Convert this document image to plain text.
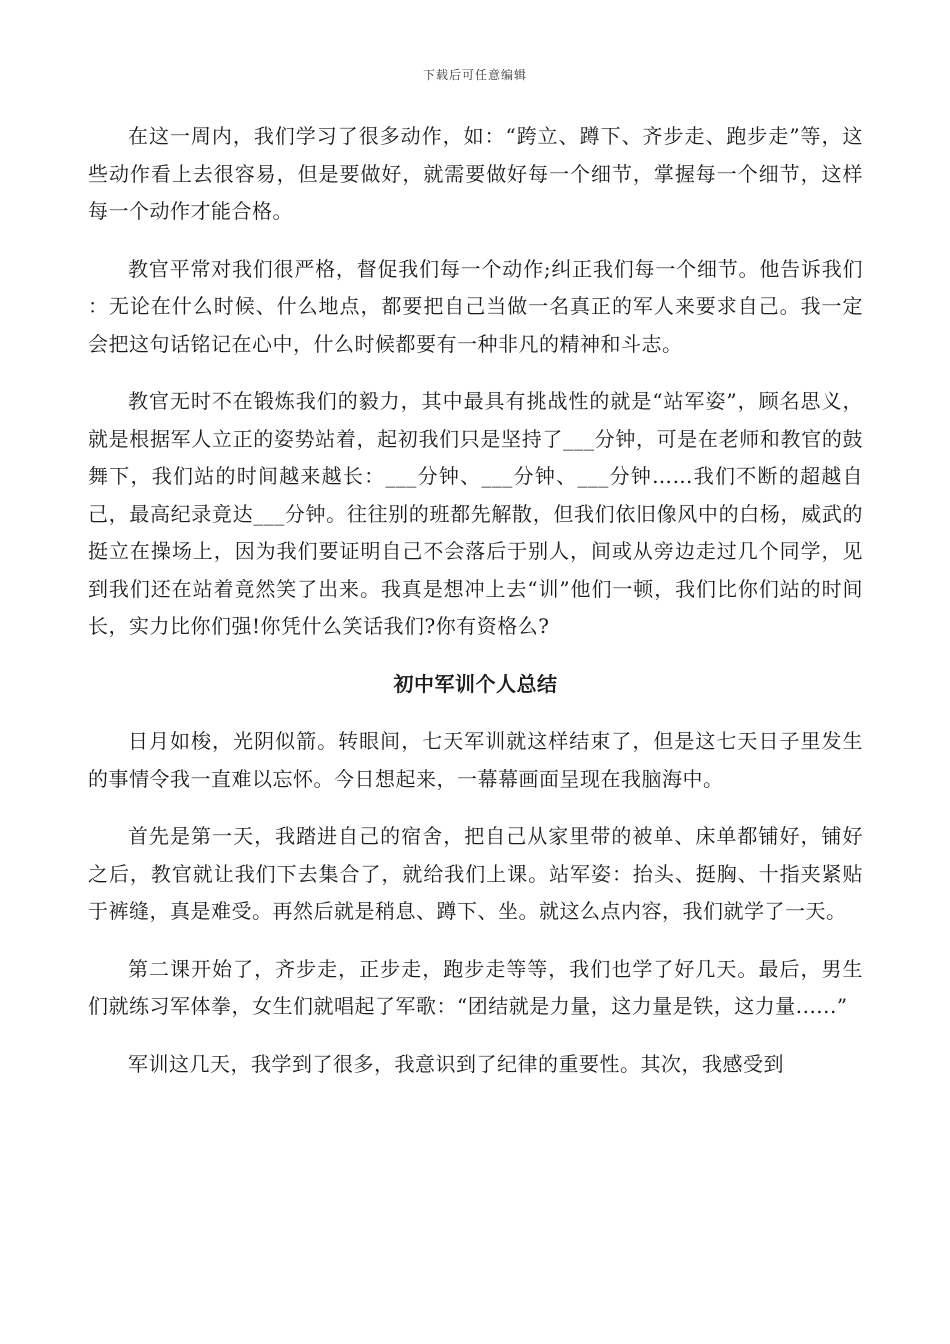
下载后可任意编辑

在这一周内，我们学习了很多动作，如：“跨立、蹲下、齐步走、跑步走”等，这些动作看上去很容易，但是要做好，就需要做好每一个细节，掌握每一个细节，这样每一个动作才能合格。

教官平常对我们很严格，督促我们每一个动作;纠正我们每一个细节。他告诉我们 ：无论在什么时候、什么地点，都要把自己当做一名真正的军人来要求自己。我一定会把这句话铭记在心中，什么时候都要有一种非凡的精神和斗志。

教官无时不在锻炼我们的毅力，其中最具有挑战性的就是“站军姿”，顾名思义，就是根据军人立正的姿势站着，起初我们只是坚持了___分钟，可是在老师和教官的鼓舞下，我们站的时间越来越长：___分钟、___分钟、___分钟……我们不断的超越自己，最高纪录竟达___分钟。往往别的班都先解散，但我们依旧像风中的白杨，威武的挺立在操场上，因为我们要证明自己不会落后于别人，间或从旁边走过几个同学，见到我们还在站着竟然笑了出来。我真是想冲上去“训”他们一顿，我们比你们站的时间长，实力比你们强!你凭什么笑话我们?你有资格么?

初中军训个人总结

日月如梭，光阴似箭。转眼间，七天军训就这样结束了，但是这七天日子里发生的事情令我一直难以忘怀。今日想起来，一幕幕画面呈现在我脑海中。

首先是第一天，我踏进自己的宿舍，把自己从家里带的被单、床单都铺好，铺好之后，教官就让我们下去集合了，就给我们上课。站军姿：抬头、挺胸、十指夹紧贴于裤缝，真是难受。再然后就是稍息、蹲下、坐。就这么点内容，我们就学了一天。

第二课开始了，齐步走，正步走，跑步走等等，我们也学了好几天。最后，男生们就练习军体拳，女生们就唱起了军歌：“团结就是力量，这力量是铁，这力量......”

军训这几天，我学到了很多，我意识到了纪律的重要性。其次，我感受到
